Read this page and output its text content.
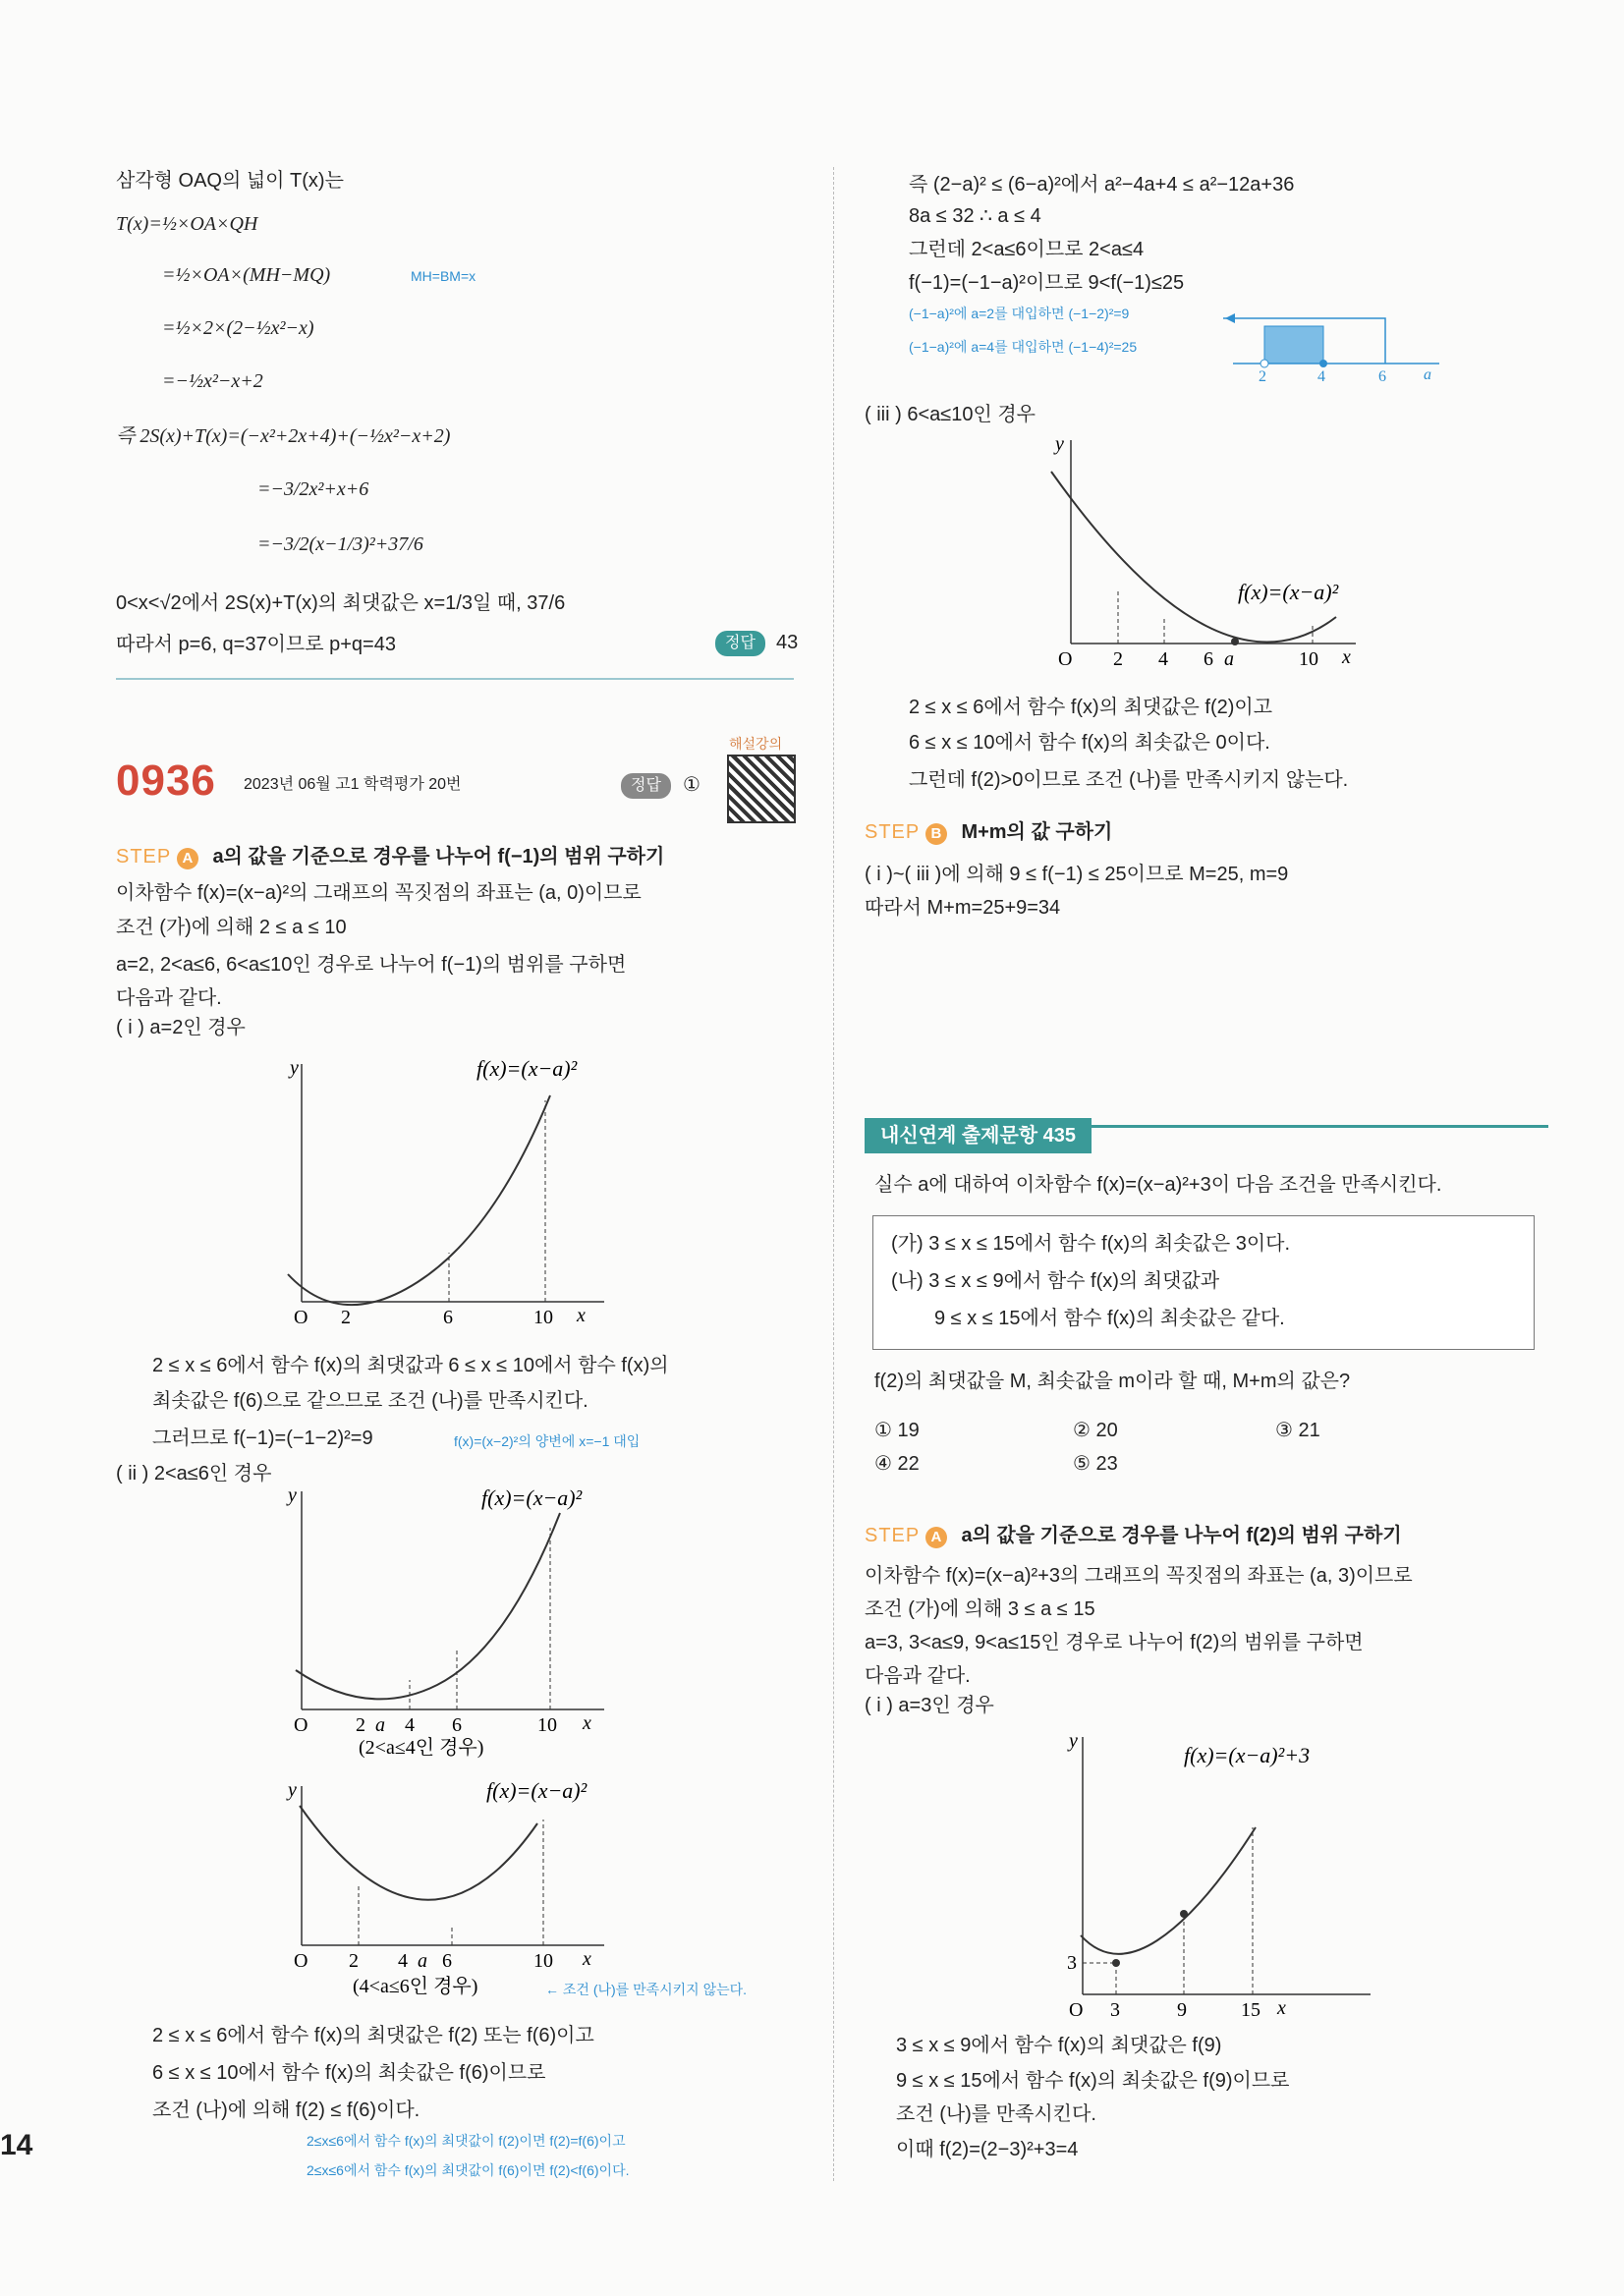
14
삼각형 OAQ의 넓이 T(x)는
T(x)=½×OA×QH
=½×OA×(MH−MQ)	MH=BM=x
=½×2×(2−½x²−x)
=−½x²−x+2
즉 2S(x)+T(x)=(−x²+2x+4)+(−½x²−x+2)
=−3/2x²+x+6
=−3/2(x−1/3)²+37/6
0<x<√2에서 2S(x)+T(x)의 최댓값은 x=1/3일 때, 37/6
따라서 p=6, q=37이므로 p+q=43	정답	43
0936 2023년 06월 고1 학력평가 20번	정답	①
해설강의
STEP A a의 값을 기준으로 경우를 나누어 f(−1)의 범위 구하기
이차함수 f(x)=(x−a)²의 그래프의 꼭짓점의 좌표는 (a, 0)이므로
조건 (가)에 의해 2 ≤ a ≤ 10
a=2, 2<a≤6, 6<a≤10인 경우로 나누어 f(−1)의 범위를 구하면
다음과 같다.
( i ) a=2인 경우
O 2	6	10 x
y	f(x)=(x−a)²
2 ≤ x ≤ 6에서 함수 f(x)의 최댓값과 6 ≤ x ≤ 10에서 함수 f(x)의
최솟값은 f(6)으로 같으므로 조건 (나)를 만족시킨다.
그러므로 f(−1)=(−1−2)²=9	f(x)=(x−2)²의 양변에 x=−1 대입
( ii ) 2<a≤6인 경우
O 2 a 4 6	10 x
y	f(x)=(x−a)²
(2<a≤4인 경우)
O 2 4 a 6	10 x
y	f(x)=(x−a)²
(4<a≤6인 경우)	← 조건 (나)를 만족시키지 않는다.
2 ≤ x ≤ 6에서 함수 f(x)의 최댓값은 f(2) 또는 f(6)이고
6 ≤ x ≤ 10에서 함수 f(x)의 최솟값은 f(6)이므로
조건 (나)에 의해 f(2) ≤ f(6)이다.
2≤x≤6에서 함수 f(x)의 최댓값이 f(2)이면 f(2)=f(6)이고
2≤x≤6에서 함수 f(x)의 최댓값이 f(6)이면 f(2)<f(6)이다.
즉 (2−a)² ≤ (6−a)²에서 a²−4a+4 ≤ a²−12a+36
8a ≤ 32 ∴ a ≤ 4
그런데 2<a≤6이므로 2<a≤4
f(−1)=(−1−a)²이므로 9<f(−1)≤25
(−1−a)²에 a=2를 대입하면 (−1−2)²=9
(−1−a)²에 a=4를 대입하면 (−1−4)²=25
2	4	6 a
( iii ) 6<a≤10인 경우
O 2 4 6 a	10 x
y
f(x)=(x−a)²
2 ≤ x ≤ 6에서 함수 f(x)의 최댓값은 f(2)이고
6 ≤ x ≤ 10에서 함수 f(x)의 최솟값은 0이다.
그런데 f(2)>0이므로 조건 (나)를 만족시키지 않는다.
STEP B M+m의 값 구하기
( i )~( iii )에 의해 9 ≤ f(−1) ≤ 25이므로 M=25, m=9
따라서 M+m=25+9=34
내신연계 출제문항 435
실수 a에 대하여 이차함수 f(x)=(x−a)²+3이 다음 조건을 만족시킨다.
(가) 3 ≤ x ≤ 15에서 함수 f(x)의 최솟값은 3이다.
(나) 3 ≤ x ≤ 9에서 함수 f(x)의 최댓값과
9 ≤ x ≤ 15에서 함수 f(x)의 최솟값은 같다.
f(2)의 최댓값을 M, 최솟값을 m이라 할 때, M+m의 값은?
① 19	② 20	③ 21
④ 22	⑤ 23
STEP A a의 값을 기준으로 경우를 나누어 f(2)의 범위 구하기
이차함수 f(x)=(x−a)²+3의 그래프의 꼭짓점의 좌표는 (a, 3)이므로
조건 (가)에 의해 3 ≤ a ≤ 15
a=3, 3<a≤9, 9<a≤15인 경우로 나누어 f(2)의 범위를 구하면
다음과 같다.
( i ) a=3인 경우
3
O 3	9	15 x
y
f(x)=(x−a)²+3
3 ≤ x ≤ 9에서 함수 f(x)의 최댓값은 f(9)
9 ≤ x ≤ 15에서 함수 f(x)의 최솟값은 f(9)이므로
조건 (나)를 만족시킨다.
이때 f(2)=(2−3)²+3=4
